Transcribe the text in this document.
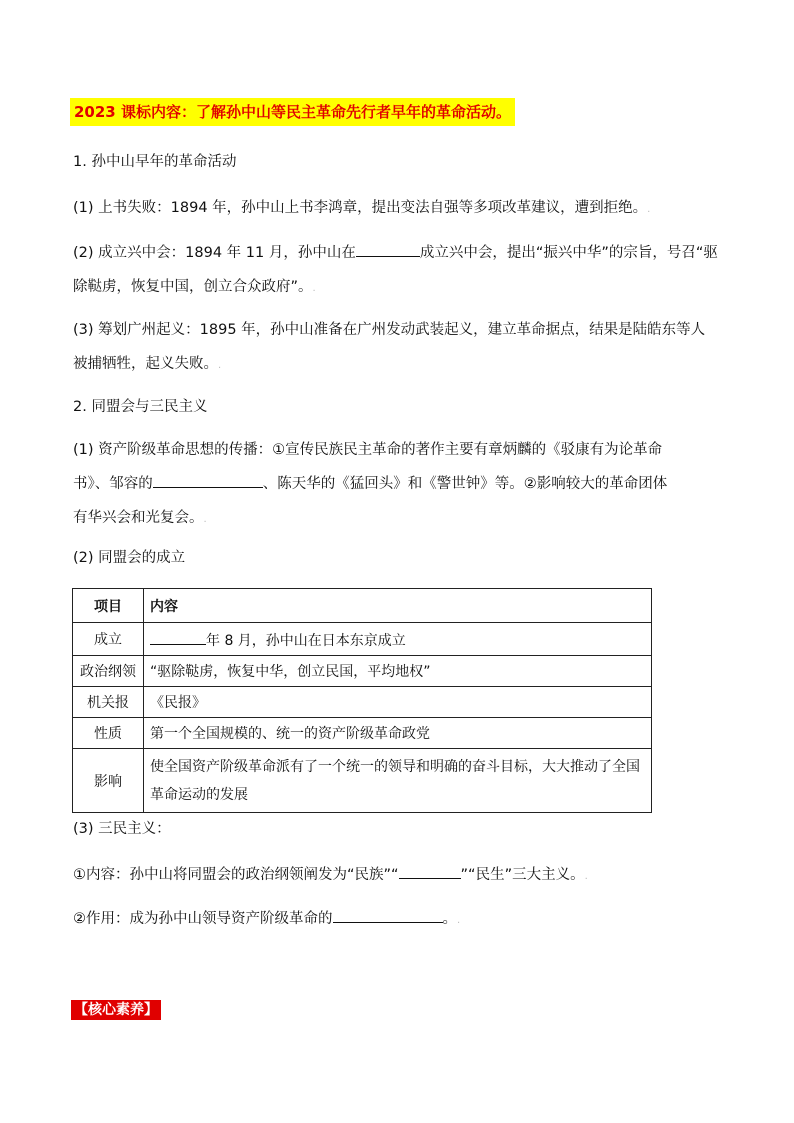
2023 课标内容：了解孙中山等民主革命先行者早年的革命活动。
1. 孙中山早年的革命活动
(1) 上书失败：1894 年，孙中山上书李鸿章，提出变法自强等多项改革建议，遭到拒绝。.
(2) 成立兴中会：1894 年 11 月，孙中山在	成立兴中会，提出“振兴中华”的宗旨，号召“驱
除鞑虏，恢复中国，创立合众政府”。.
(3) 筹划广州起义：1895 年，孙中山准备在广州发动武装起义，建立革命据点，结果是陆皓东等人
被捕牺牲，起义失败。.
2. 同盟会与三民主义
(1) 资产阶级革命思想的传播：①宣传民族民主革命的著作主要有章炳麟的《驳康有为论革命
书》、邹容的	、陈天华的《猛回头》和《警世钟》等。②影响较大的革命团体
有华兴会和光复会。.
(2) 同盟会的成立
项目	内容
成立	年 8 月，孙中山在日本东京成立
政治纲领	“驱除鞑虏，恢复中华，创立民国，平均地权”
机关报	《民报》
性质	第一个全国规模的、统一的资产阶级革命政党
影响	使全国资产阶级革命派有了一个统一的领导和明确的奋斗目标，大大推动了全国革命运动的发展
(3) 三民主义：
①内容：孙中山将同盟会的政治纲领阐发为“民族”“	”“民生”三大主义。.
②作用：成为孙中山领导资产阶级革命的	。.
【核心素养】
